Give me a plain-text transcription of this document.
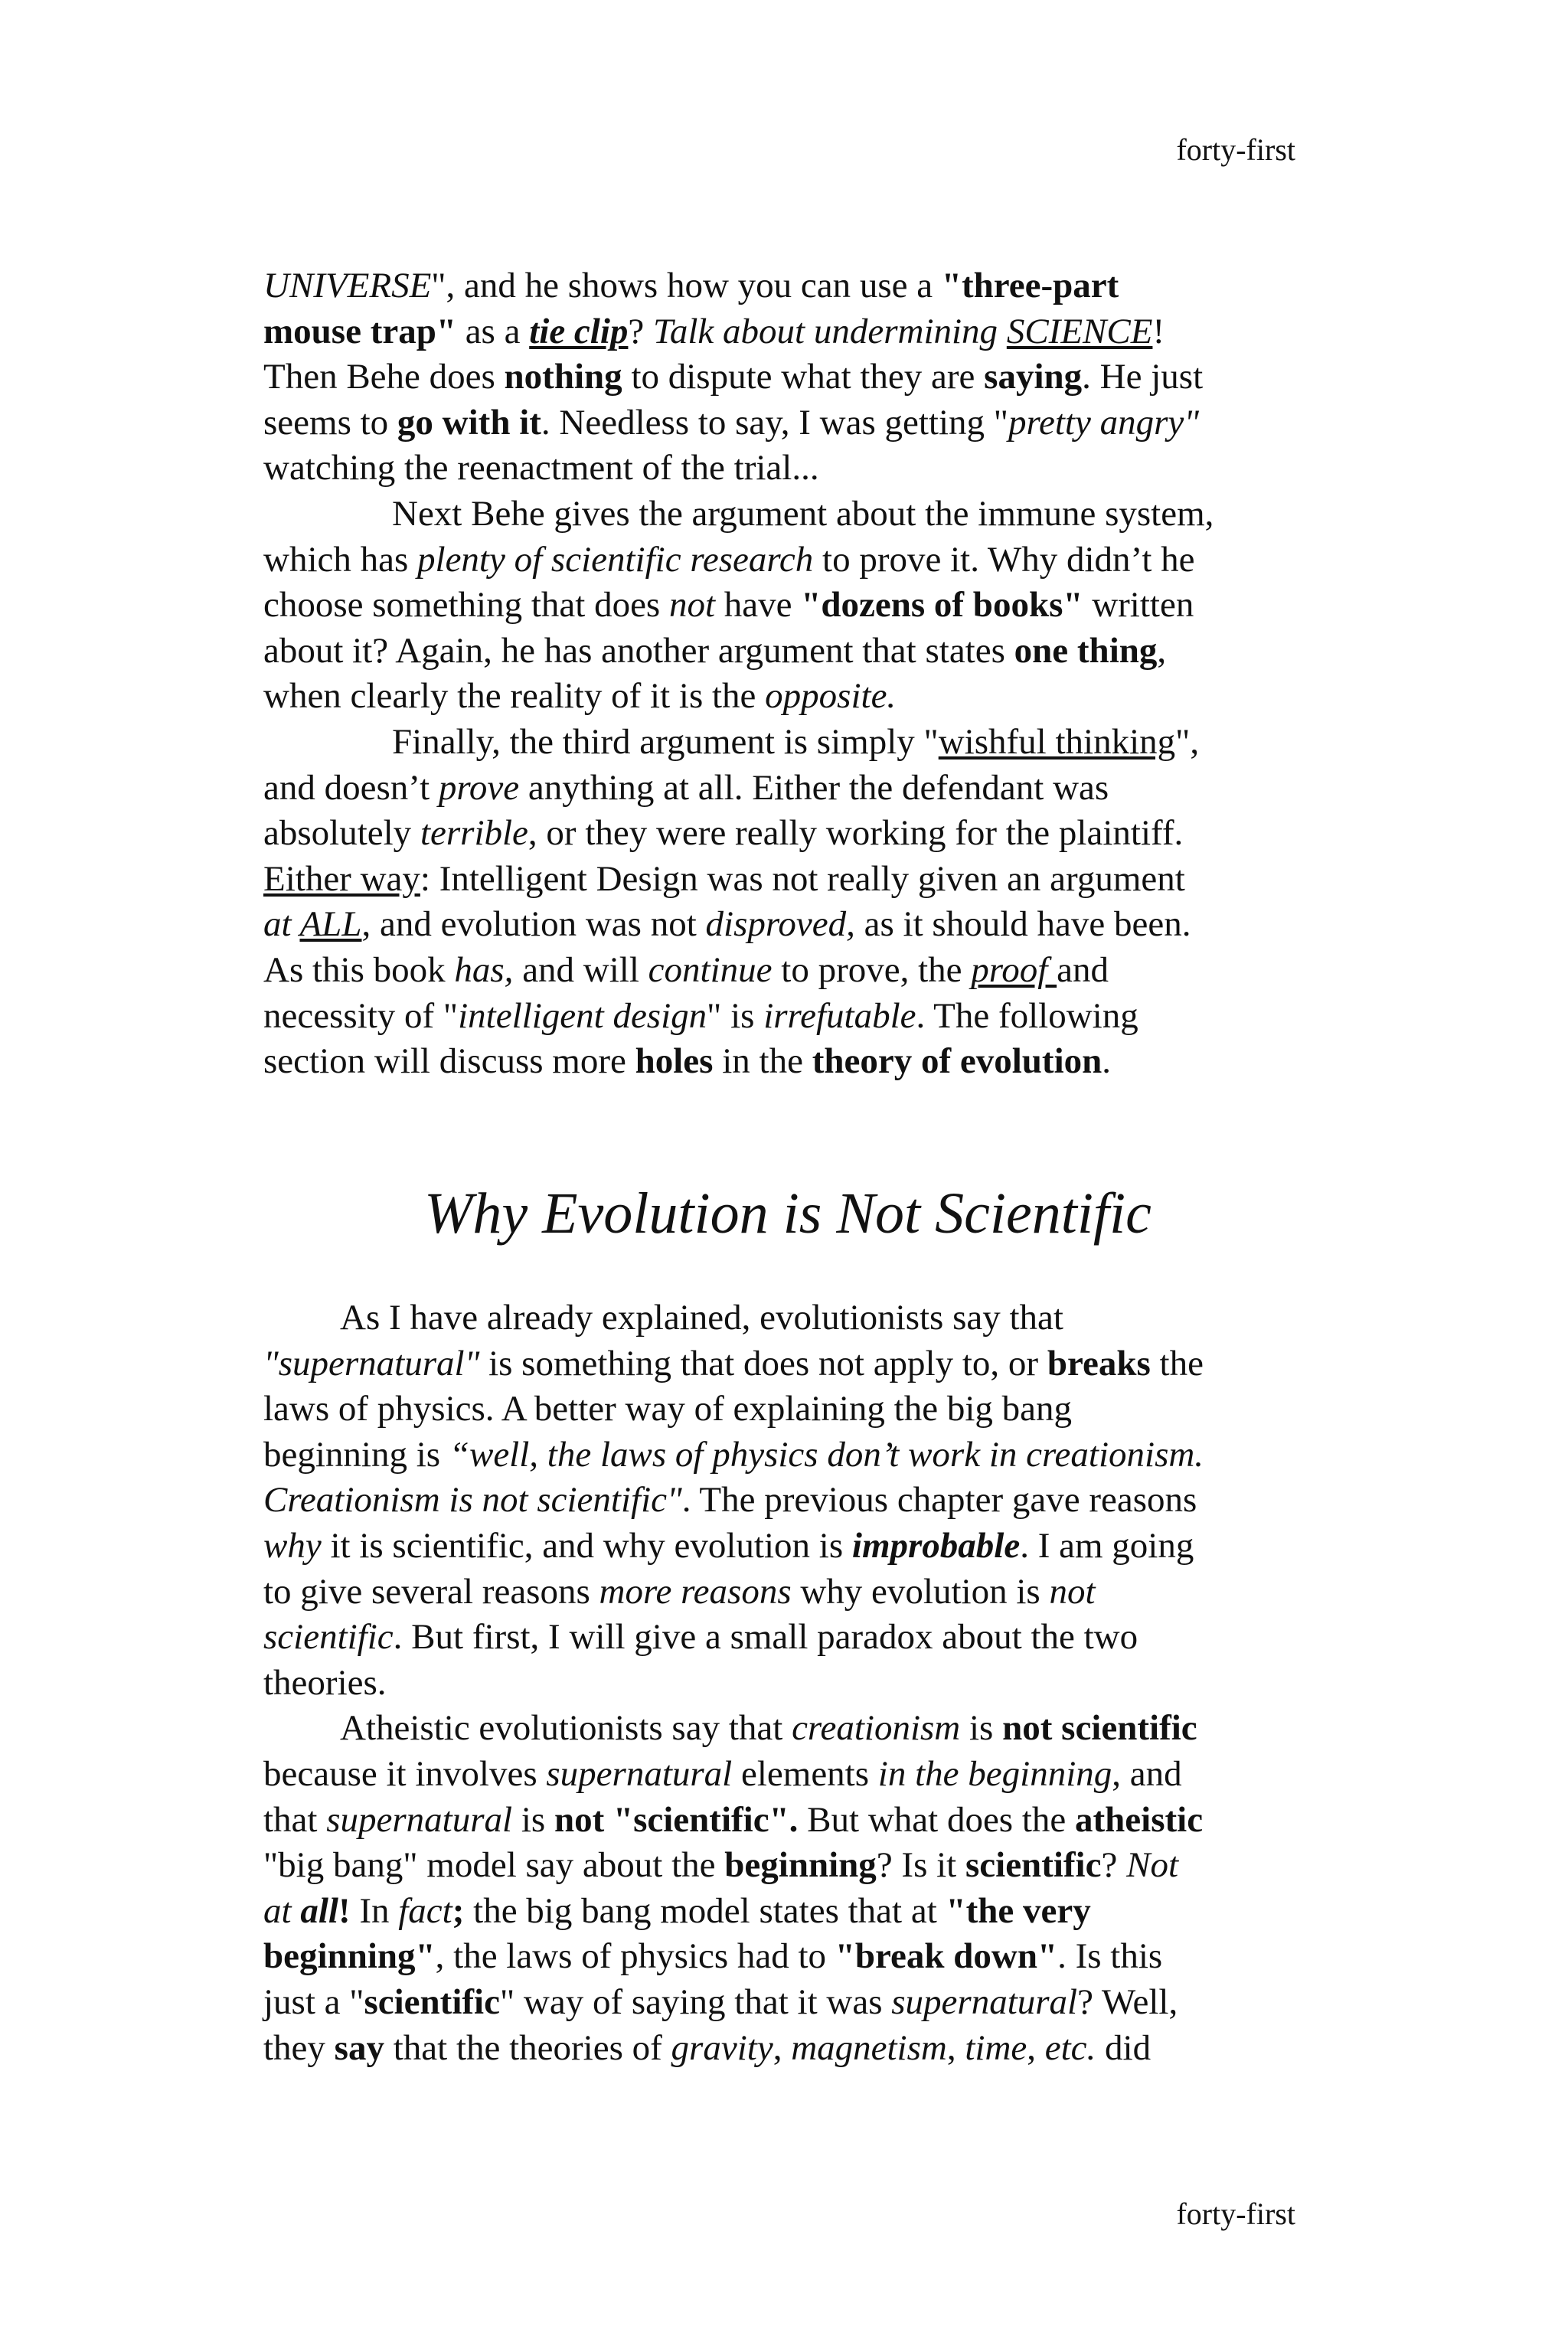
forty-first
UNIVERSE", and he shows how you can use a "three-part
mouse trap" as a tie clip? Talk about undermining SCIENCE!
Then Behe does nothing to dispute what they are saying. He just
seems to go with it. Needless to say, I was getting "pretty angry"
watching the reenactment of the trial...
Next Behe gives the argument about the immune system,
which has plenty of scientific research to prove it. Why didn’t he
choose something that does not have "dozens of books" written
about it? Again, he has another argument that states one thing,
when clearly the reality of it is the opposite.
Finally, the third argument is simply "wishful thinking",
and doesn’t prove anything at all. Either the defendant was
absolutely terrible, or they were really working for the plaintiff.
Either way: Intelligent Design was not really given an argument
at ALL, and evolution was not disproved, as it should have been.
As this book has, and will continue to prove, the proof and
necessity of "intelligent design" is irrefutable. The following
section will discuss more holes in the theory of evolution.
Why Evolution is Not Scientific
As I have already explained, evolutionists say that
"supernatural" is something that does not apply to, or breaks the
laws of physics. A better way of explaining the big bang
beginning is “well, the laws of physics don’t work in creationism.
Creationism is not scientific". The previous chapter gave reasons
why it is scientific, and why evolution is improbable. I am going
to give several reasons more reasons why evolution is not
scientific. But first, I will give a small paradox about the two
theories.
Atheistic evolutionists say that creationism is not scientific
because it involves supernatural elements in the beginning, and
that supernatural is not "scientific". But what does the atheistic
"big bang" model say about the beginning? Is it scientific? Not
at all! In fact; the big bang model states that at "the very
beginning", the laws of physics had to "break down". Is this
just a "scientific" way of saying that it was supernatural? Well,
they say that the theories of gravity, magnetism, time, etc. did
forty-first
